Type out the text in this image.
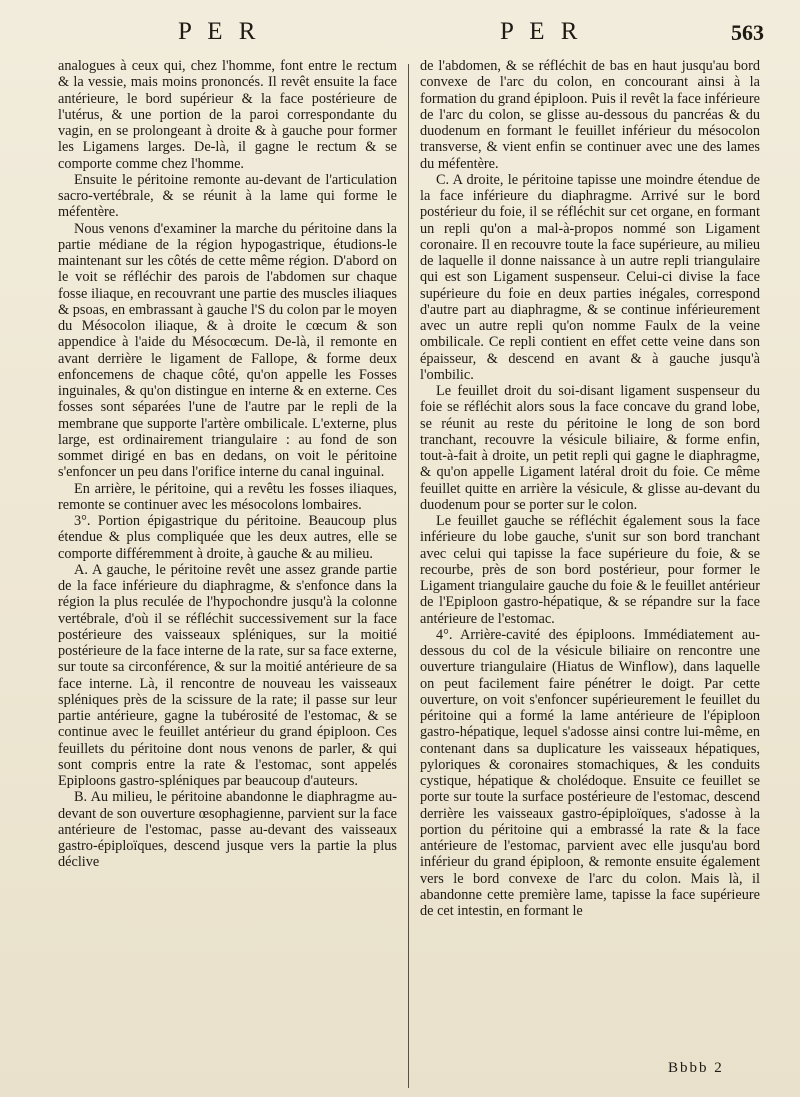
P E R	P E R	563

analogues à ceux qui, chez l'homme, font entre le rectum & la vessie, mais moins prononcés. Il revêt ensuite la face antérieure, le bord supérieur & la face postérieure de l'utérus, & une portion de la paroi correspondante du vagin, en se prolongeant à droite & à gauche pour former les Ligamens larges. De-là, il gagne le rectum & se comporte comme chez l'homme.

Ensuite le péritoine remonte au-devant de l'articulation sacro-vertébrale, & se réunit à la lame qui forme le méfentère.

Nous venons d'examiner la marche du péritoine dans la partie médiane de la région hypogastrique, étudions-le maintenant sur les côtés de cette même région. D'abord on le voit se réfléchir des parois de l'abdomen sur chaque fosse iliaque, en recouvrant une partie des muscles iliaques & psoas, en embrassant à gauche l'S du colon par le moyen du Mésocolon iliaque, & à droite le cœcum & son appendice à l'aide du Mésocœcum. De-là, il remonte en avant derrière le ligament de Fallope, & forme deux enfoncemens de chaque côté, qu'on appelle les Fosses inguinales, & qu'on distingue en interne & en externe. Ces fosses sont séparées l'une de l'autre par le repli de la membrane que supporte l'artère ombilicale. L'externe, plus large, est ordinairement triangulaire : au fond de son sommet dirigé en bas en dedans, on voit le péritoine s'enfoncer un peu dans l'orifice interne du canal inguinal.

En arrière, le péritoine, qui a revêtu les fosses iliaques, remonte se continuer avec les mésocolons lombaires.

3°. Portion épigastrique du péritoine. Beaucoup plus étendue & plus compliquée que les deux autres, elle se comporte différemment à droite, à gauche & au milieu.

A. A gauche, le péritoine revêt une assez grande partie de la face inférieure du diaphragme, & s'enfonce dans la région la plus reculée de l'hypochondre jusqu'à la colonne vertébrale, d'où il se réfléchit successivement sur la face postérieure des vaisseaux spléniques, sur la moitié postérieure de la face interne de la rate, sur sa face externe, sur toute sa circonférence, & sur la moitié antérieure de sa face interne. Là, il rencontre de nouveau les vaisseaux spléniques près de la scissure de la rate; il passe sur leur partie antérieure, gagne la tubérosité de l'estomac, & se continue avec le feuillet antérieur du grand épiploon. Ces feuillets du péritoine dont nous venons de parler, & qui sont compris entre la rate & l'estomac, sont appelés Epiploons gastro-spléniques par beaucoup d'auteurs.

B. Au milieu, le péritoine abandonne le diaphragme au-devant de son ouverture œsophagienne, parvient sur la face antérieure de l'estomac, passe au-devant des vaisseaux gastro-épiploïques, descend jusque vers la partie la plus déclive

de l'abdomen, & se réfléchit de bas en haut jusqu'au bord convexe de l'arc du colon, en concourant ainsi à la formation du grand épiploon. Puis il revêt la face inférieure de l'arc du colon, se glisse au-dessous du pancréas & du duodenum en formant le feuillet inférieur du mésocolon transverse, & vient enfin se continuer avec une des lames du méfentère.

C. A droite, le péritoine tapisse une moindre étendue de la face inférieure du diaphragme. Arrivé sur le bord postérieur du foie, il se réfléchit sur cet organe, en formant un repli qu'on a mal-à-propos nommé son Ligament coronaire. Il en recouvre toute la face supérieure, au milieu de laquelle il donne naissance à un autre repli triangulaire qui est son Ligament suspenseur. Celui-ci divise la face supérieure du foie en deux parties inégales, correspond d'autre part au diaphragme, & se continue inférieurement avec un autre repli qu'on nomme Faulx de la veine ombilicale. Ce repli contient en effet cette veine dans son épaisseur, & descend en avant & à gauche jusqu'à l'ombilic.

Le feuillet droit du soi-disant ligament suspenseur du foie se réfléchit alors sous la face concave du grand lobe, se réunit au reste du péritoine le long de son bord tranchant, recouvre la vésicule biliaire, & forme enfin, tout-à-fait à droite, un petit repli qui gagne le diaphragme, & qu'on appelle Ligament latéral droit du foie. Ce même feuillet quitte en arrière la vésicule, & glisse au-devant du duodenum pour se porter sur le colon.

Le feuillet gauche se réfléchit également sous la face inférieure du lobe gauche, s'unit sur son bord tranchant avec celui qui tapisse la face supérieure du foie, & se recourbe, près de son bord postérieur, pour former le Ligament triangulaire gauche du foie & le feuillet antérieur de l'Epiploon gastro-hépatique, & se répandre sur la face antérieure de l'estomac.

4°. Arrière-cavité des épiploons. Immédiatement au-dessous du col de la vésicule biliaire on rencontre une ouverture triangulaire (Hiatus de Winflow), dans laquelle on peut facilement faire pénétrer le doigt. Par cette ouverture, on voit s'enfoncer supérieurement le feuillet du péritoine qui a formé la lame antérieure de l'épiploon gastro-hépatique, lequel s'adosse ainsi contre lui-même, en contenant dans sa duplicature les vaisseaux hépatiques, pyloriques & coronaires stomachiques, & les conduits cystique, hépatique & cholédoque. Ensuite ce feuillet se porte sur toute la surface postérieure de l'estomac, descend derrière les vaisseaux gastro-épiploïques, s'adosse à la portion du péritoine qui a embrassé la rate & la face antérieure de l'estomac, parvient avec elle jusqu'au bord inférieur du grand épiploon, & remonte ensuite également vers le bord convexe de l'arc du colon. Mais là, il abandonne cette première lame, tapisse la face supérieure de cet intestin, en formant le

Bbbb 2
